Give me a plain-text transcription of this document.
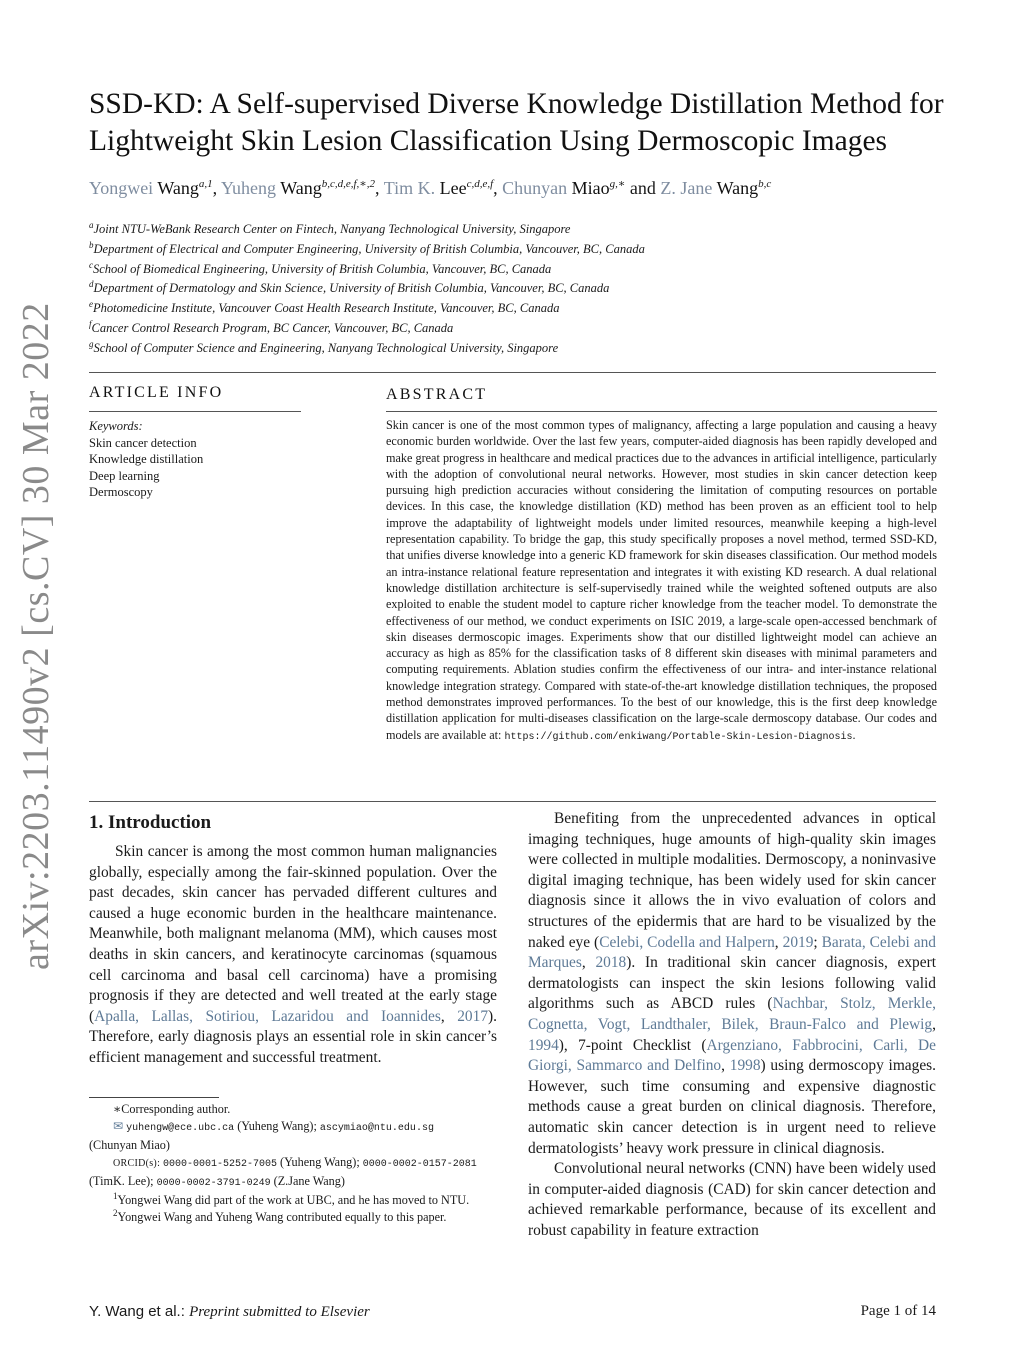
arXiv:2203.11490v2 [cs.CV] 30 Mar 2022
SSD-KD: A Self-supervised Diverse Knowledge Distillation Method for Lightweight Skin Lesion Classification Using Dermoscopic Images
Yongwei Wang$^{a,1}$, Yuheng Wang$^{b,c,d,e,f,∗,2}$, Tim K. Lee$^{c,d,e,f}$, Chunyan Miao$^{g,∗}$ and Z. Jane Wang$^{b,c}$
$^a$Joint NTU-WeBank Research Center on Fintech, Nanyang Technological University, Singapore
$^b$Department of Electrical and Computer Engineering, University of British Columbia, Vancouver, BC, Canada
$^c$School of Biomedical Engineering, University of British Columbia, Vancouver, BC, Canada
$^d$Department of Dermatology and Skin Science, University of British Columbia, Vancouver, BC, Canada
$^e$Photomedicine Institute, Vancouver Coast Health Research Institute, Vancouver, BC, Canada
$^f$Cancer Control Research Program, BC Cancer, Vancouver, BC, Canada
$^g$School of Computer Science and Engineering, Nanyang Technological University, Singapore
ARTICLE INFO
Keywords:
Skin cancer detection
Knowledge distillation
Deep learning
Dermoscopy
ABSTRACT
Skin cancer is one of the most common types of malignancy, affecting a large population and causing a heavy economic burden worldwide. Over the last few years, computer-aided diagnosis has been rapidly developed and make great progress in healthcare and medical practices due to the advances in artificial intelligence, particularly with the adoption of convolutional neural networks. However, most studies in skin cancer detection keep pursuing high prediction accuracies without considering the limitation of computing resources on portable devices. In this case, the knowledge distillation (KD) method has been proven as an efficient tool to help improve the adaptability of lightweight models under limited resources, meanwhile keeping a high-level representation capability. To bridge the gap, this study specifically proposes a novel method, termed SSD-KD, that unifies diverse knowledge into a generic KD framework for skin diseases classification. Our method models an intra-instance relational feature representation and integrates it with existing KD research. A dual relational knowledge distillation architecture is self-supervisedly trained while the weighted softened outputs are also exploited to enable the student model to capture richer knowledge from the teacher model. To demonstrate the effectiveness of our method, we conduct experiments on ISIC 2019, a large-scale open-accessed benchmark of skin diseases dermoscopic images. Experiments show that our distilled lightweight model can achieve an accuracy as high as 85% for the classification tasks of 8 different skin diseases with minimal parameters and computing requirements. Ablation studies confirm the effectiveness of our intra- and inter-instance relational knowledge integration strategy. Compared with state-of-the-art knowledge distillation techniques, the proposed method demonstrates improved performances. To the best of our knowledge, this is the first deep knowledge distillation application for multi-diseases classification on the large-scale dermoscopy database. Our codes and models are available at: https://github.com/enkiwang/Portable-Skin-Lesion-Diagnosis.
1. Introduction

Skin cancer is among the most common human malignancies globally, especially among the fair-skinned population. Over the past decades, skin cancer has pervaded different cultures and caused a huge economic burden in the healthcare maintenance. Meanwhile, both malignant melanoma (MM), which causes most deaths in skin cancers, and keratinocyte carcinomas (squamous cell carcinoma and basal cell carcinoma) have a promising prognosis if they are detected and well treated at the early stage (Apalla, Lallas, Sotiriou, Lazaridou and Ioannides, 2017). Therefore, early diagnosis plays an essential role in skin cancer’s efficient management and successful treatment.

∗Corresponding author.

✉ yuhengw@ece.ubc.ca (Yuheng Wang); ascymiao@ntu.edu.sg

(Chunyan Miao)

ORCID(s): 0000-0001-5252-7005 (Yuheng Wang); 0000-0002-0157-2081

(TimK. Lee); 0000-0002-3791-0249 (Z.Jane Wang)

$^1$Yongwei Wang did part of the work at UBC, and he has moved to NTU.

$^2$Yongwei Wang and Yuheng Wang contributed equally to this paper.

Benefiting from the unprecedented advances in optical imaging techniques, huge amounts of high-quality skin images were collected in multiple modalities. Dermoscopy, a noninvasive digital imaging technique, has been widely used for skin cancer diagnosis since it allows the in vivo evaluation of colors and structures of the epidermis that are hard to be visualized by the naked eye (Celebi, Codella and Halpern, 2019; Barata, Celebi and Marques, 2018). In traditional skin cancer diagnosis, expert dermatologists can inspect the skin lesions following valid algorithms such as ABCD rules (Nachbar, Stolz, Merkle, Cognetta, Vogt, Landthaler, Bilek, Braun-Falco and Plewig, 1994), 7-point Checklist (Argenziano, Fabbrocini, Carli, De Giorgi, Sammarco and Delfino, 1998) using dermoscopy images. However, such time consuming and expensive diagnostic methods cause a great burden on clinical diagnosis. Therefore, automatic skin cancer detection is in urgent need to relieve dermatologists’ heavy work pressure in clinical diagnosis.

Convolutional neural networks (CNN) have been widely used in computer-aided diagnosis (CAD) for skin cancer detection and achieved remarkable performance, because of its excellent and robust capability in feature extraction

Y. Wang et al.: Preprint submitted to Elsevier	Page 1 of 14
